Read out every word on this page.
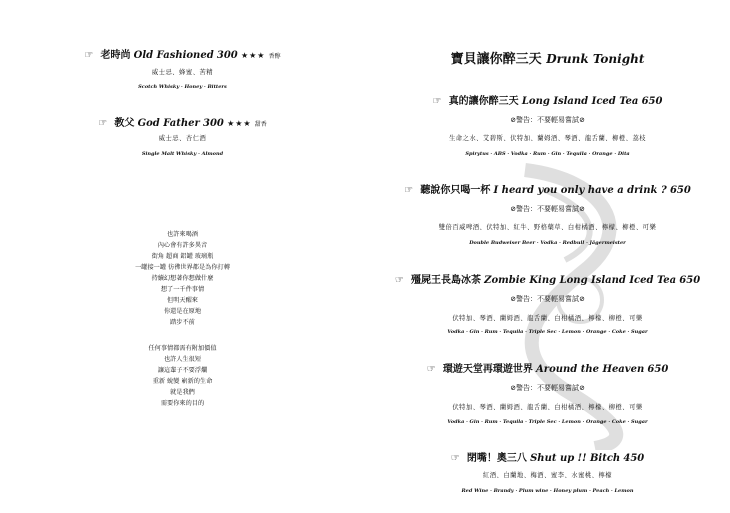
☞ 老時尚 Old Fashioned 300 ★★★ 香醇
威士忌、蜂蜜、苦精
Scotch Whisky · Honey · Bitters
☞ 教父 God Father 300 ★★★ 甜香
威士忌、杏仁酒
Single Malt Whisky · Almond
也許來喝酒
內心會有許多異音
街角 超商 鋁罐 玻璃瓶
一罐接一罐 彷彿世界都是為你打轉
持續幻想著你想做什麼
想了一千件事情
但明天醒來
你還是在原地
踏步不前
任何事情都需有附加價值
也許人生很短
讓這輩子不要浮爛
重新 蛻變 嶄新的生命
就是我們
需要你來的目的
寶貝讓你醉三天 Drunk Tonight
☞ 真的讓你醉三天 Long Island Iced Tea 650
⊘警告：不要輕易嘗試⊘
生命之水、艾碧斯、伏特加、蘭姆酒、琴酒、龍舌蘭、柳橙、荔枝
Spirytus · ABS · Vodka · Rum · Gin · Tequila · Orange · Dita
☞ 聽說你只喝一杯 I heard you only have a drink ? 650
⊘警告：不要輕易嘗試⊘
雙倍百威啤酒、伏特加、紅牛、野格藥草、白柑橘酒、檸檬、柳橙、可樂
Double Budweiser Beer · Vodka · Redbull · Jägermeister
☞ 殭屍王長島冰茶 Zombie King Long Island Iced Tea 650
⊘警告：不要輕易嘗試⊘
伏特加、琴酒、蘭姆酒、龍舌蘭、白柑橘酒、檸檬、柳橙、可樂
Vodka · Gin · Rum · Tequila · Triple Sec · Lemon · Orange · Coke · Sugar
☞ 環遊天堂再環遊世界 Around the Heaven 650
⊘警告：不要輕易嘗試⊘
伏特加、琴酒、蘭姆酒、龍舌蘭、白柑橘酒、檸檬、柳橙、可樂
Vodka · Gin · Rum · Tequila · Triple Sec · Lemon · Orange · Coke · Sugar
☞ 閉嘴！奧三八 Shut up !! Bitch 450
紅酒、白蘭地、梅酒、蜜李、水蜜桃、檸檬
Red Wine · Brandy · Plum wine · Honey plum · Peach · Lemon
